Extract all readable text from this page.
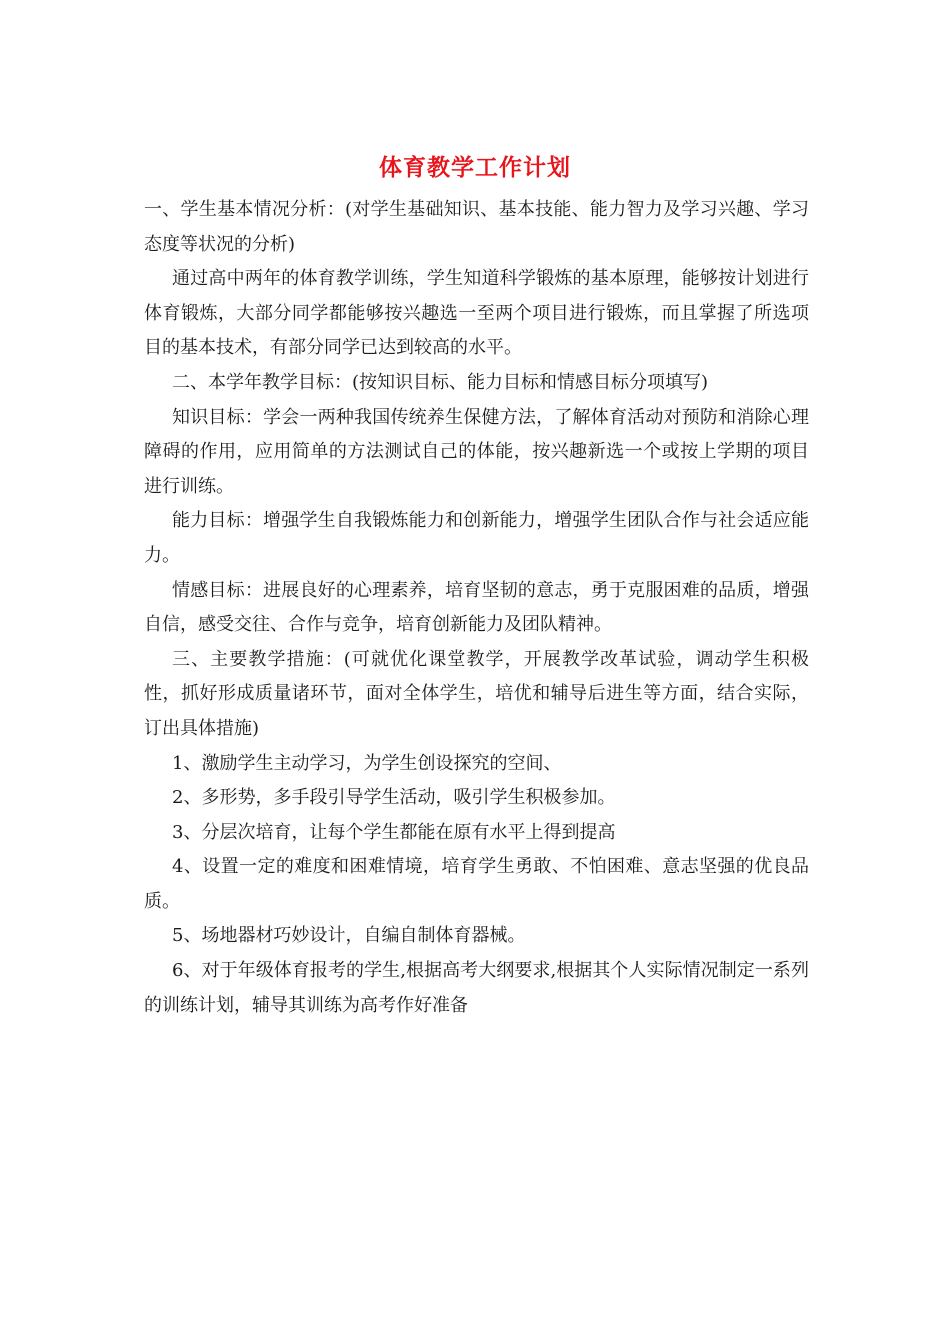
体育教学工作计划

一、学生基本情况分析：(对学生基础知识、基本技能、能力智力及学习兴趣、学习态度等状况的分析)

通过高中两年的体育教学训练，学生知道科学锻炼的基本原理，能够按计划进行体育锻炼，大部分同学都能够按兴趣选一至两个项目进行锻炼，而且掌握了所选项目的基本技术，有部分同学已达到较高的水平。

二、本学年教学目标：(按知识目标、能力目标和情感目标分项填写)

知识目标：学会一两种我国传统养生保健方法，了解体育活动对预防和消除心理障碍的作用，应用简单的方法测试自己的体能，按兴趣新选一个或按上学期的项目进行训练。

能力目标：增强学生自我锻炼能力和创新能力，增强学生团队合作与社会适应能力。

情感目标：进展良好的心理素养，培育坚韧的意志，勇于克服困难的品质，增强自信，感受交往、合作与竞争，培育创新能力及团队精神。

三、主要教学措施：(可就优化课堂教学，开展教学改革试验，调动学生积极性，抓好形成质量诸环节，面对全体学生，培优和辅导后进生等方面，结合实际，订出具体措施)

1、激励学生主动学习，为学生创设探究的空间、

2、多形势，多手段引导学生活动，吸引学生积极参加。

3、分层次培育，让每个学生都能在原有水平上得到提高

4、设置一定的难度和困难情境，培育学生勇敢、不怕困难、意志坚强的优良品质。

5、场地器材巧妙设计，自编自制体育器械。

6、对于年级体育报考的学生,根据高考大纲要求,根据其个人实际情况制定一系列 的训练计划，辅导其训练为高考作好准备
